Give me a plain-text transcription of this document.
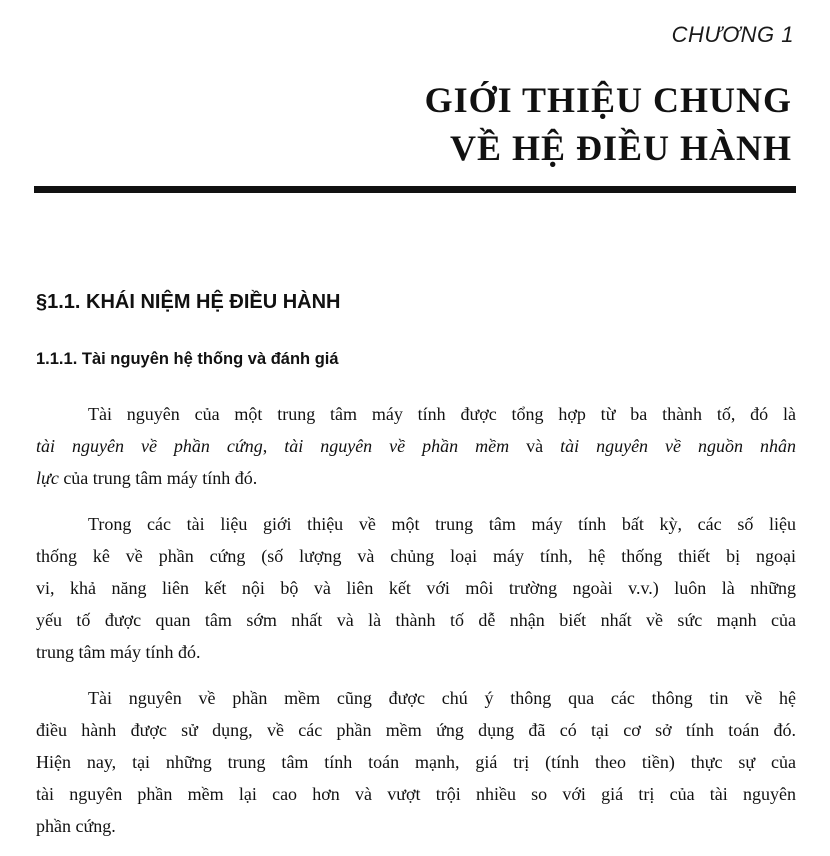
CHƯƠNG 1
GIỚI THIỆU CHUNG
VỀ HỆ ĐIỀU HÀNH
§1.1. KHÁI NIỆM HỆ ĐIỀU HÀNH
1.1.1. Tài nguyên hệ thống và đánh giá
Tài nguyên của một trung tâm máy tính được tổng hợp từ ba thành tố, đó là
tài nguyên về phần cứng, tài nguyên về phần mềm và tài nguyên về nguồn nhân
lực của trung tâm máy tính đó.
Trong các tài liệu giới thiệu về một trung tâm máy tính bất kỳ, các số liệu
thống kê về phần cứng (số lượng và chủng loại máy tính, hệ thống thiết bị ngoại
vi, khả năng liên kết nội bộ và liên kết với môi trường ngoài v.v.) luôn là những
yếu tố được quan tâm sớm nhất và là thành tố dễ nhận biết nhất về sức mạnh của
trung tâm máy tính đó.
Tài nguyên về phần mềm cũng được chú ý thông qua các thông tin về hệ
điều hành được sử dụng, về các phần mềm ứng dụng đã có tại cơ sở tính toán đó.
Hiện nay, tại những trung tâm tính toán mạnh, giá trị (tính theo tiền) thực sự của
tài nguyên phần mềm lại cao hơn và vượt trội nhiều so với giá trị của tài nguyên
phần cứng.
